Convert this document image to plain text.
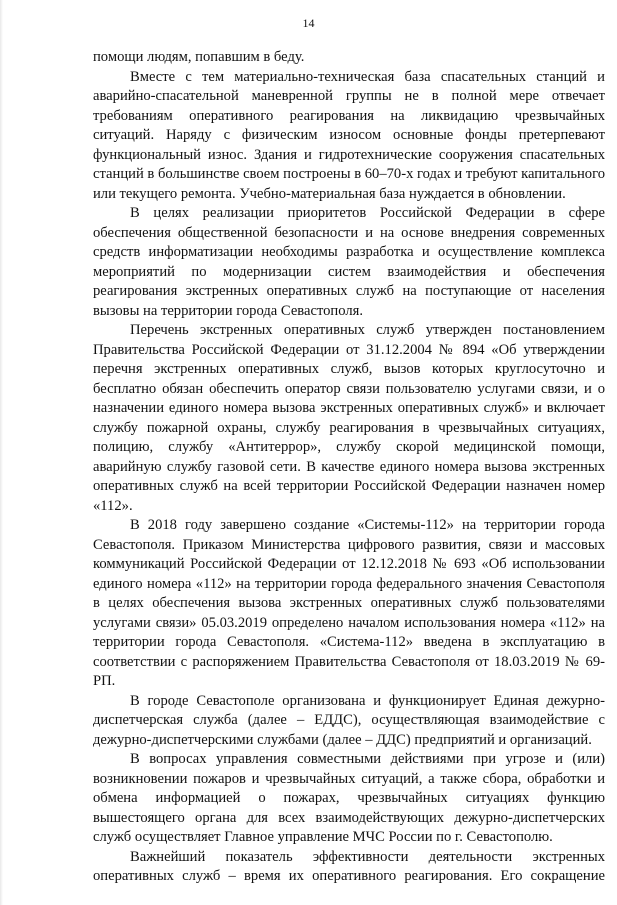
14

помощи людям, попавшим в беду.

Вместе с тем материально-техническая база спасательных станций и аварийно-спасательной маневренной группы не в полной мере отвечает требованиям оперативного реагирования на ликвидацию чрезвычайных ситуаций. Наряду с физическим износом основные фонды претерпевают функциональный износ. Здания и гидротехнические сооружения спасательных станций в большинстве своем построены в 60–70-х годах и требуют капитального или текущего ремонта. Учебно-материальная база нуждается в обновлении.

В целях реализации приоритетов Российской Федерации в сфере обеспечения общественной безопасности и на основе внедрения современных средств информатизации необходимы разработка и осуществление комплекса мероприятий по модернизации систем взаимодействия и обеспечения реагирования экстренных оперативных служб на поступающие от населения вызовы на территории города Севастополя.

Перечень экстренных оперативных служб утвержден постановлением Правительства Российской Федерации от 31.12.2004 № 894 «Об утверждении перечня экстренных оперативных служб, вызов которых круглосуточно и бесплатно обязан обеспечить оператор связи пользователю услугами связи, и о назначении единого номера вызова экстренных оперативных служб» и включает службу пожарной охраны, службу реагирования в чрезвычайных ситуациях, полицию, службу «Антитеррор», службу скорой медицинской помощи, аварийную службу газовой сети. В качестве единого номера вызова экстренных оперативных служб на всей территории Российской Федерации назначен номер «112».

В 2018 году завершено создание «Системы-112» на территории города Севастополя. Приказом Министерства цифрового развития, связи и массовых коммуникаций Российской Федерации от 12.12.2018 № 693 «Об использовании единого номера «112» на территории города федерального значения Севастополя в целях обеспечения вызова экстренных оперативных служб пользователями услугами связи» 05.03.2019 определено началом использования номера «112» на территории города Севастополя. «Система-112» введена в эксплуатацию в соответствии с распоряжением Правительства Севастополя от 18.03.2019 № 69-РП.

В городе Севастополе организована и функционирует Единая дежурно-диспетчерская служба (далее – ЕДДС), осуществляющая взаимодействие с дежурно-диспетчерскими службами (далее – ДДС) предприятий и организаций.

В вопросах управления совместными действиями при угрозе и (или) возникновении пожаров и чрезвычайных ситуаций, а также сбора, обработки и обмена информацией о пожарах, чрезвычайных ситуациях функцию вышестоящего органа для всех взаимодействующих дежурно-диспетчерских служб осуществляет Главное управление МЧС России по г. Севастополю.

Важнейший показатель эффективности деятельности экстренных оперативных служб – время их оперативного реагирования. Его сокращение
